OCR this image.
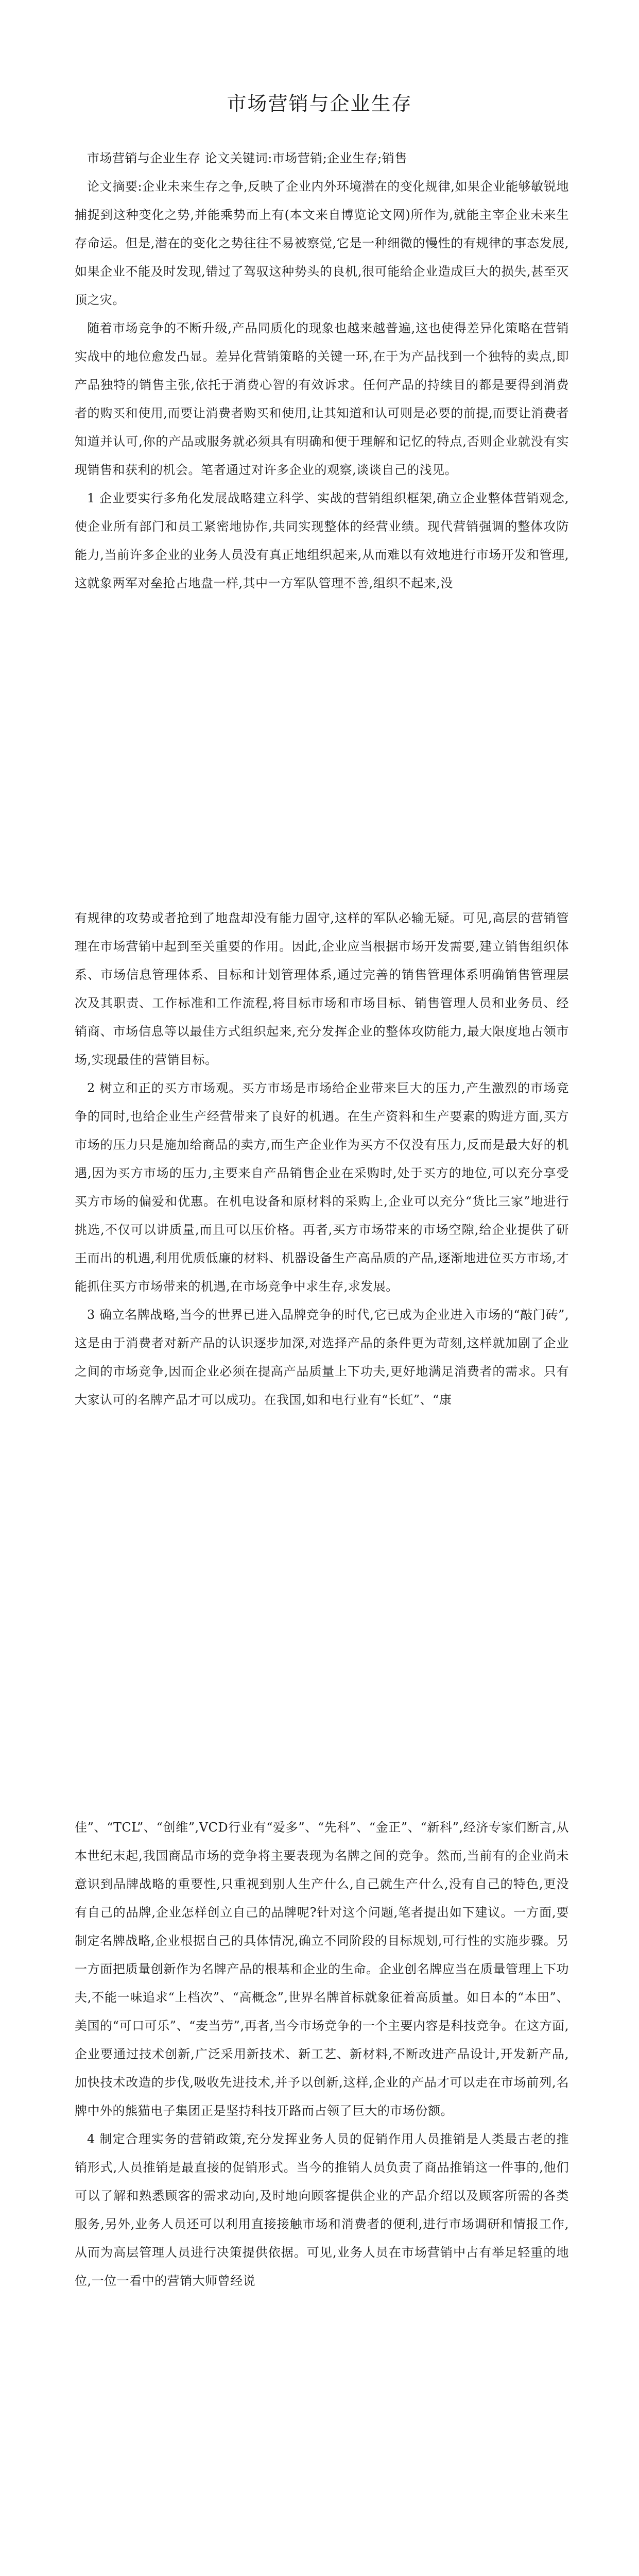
市场营销与企业生存

市场营销与企业生存 论文关键词:市场营销;企业生存;销售

论文摘要:企业未来生存之争,反映了企业内外环境潜在的变化规律,如果企业能够敏锐地捕捉到这种变化之势,并能乘势而上有(本文来自博览论文网)所作为,就能主宰企业未来生存命运。但是,潜在的变化之势往往不易被察觉,它是一种细微的慢性的有规律的事态发展,如果企业不能及时发现,错过了驾驭这种势头的良机,很可能给企业造成巨大的损失,甚至灭顶之灾。

随着市场竞争的不断升级,产品同质化的现象也越来越普遍,这也使得差异化策略在营销实战中的地位愈发凸显。差异化营销策略的关键一环,在于为产品找到一个独特的卖点,即产品独特的销售主张,依托于消费心智的有效诉求。任何产品的持续目的都是要得到消费者的购买和使用,而要让消费者购买和使用,让其知道和认可则是必要的前提,而要让消费者知道并认可,你的产品或服务就必须具有明确和便于理解和记忆的特点,否则企业就没有实现销售和获利的机会。笔者通过对许多企业的观察,谈谈自己的浅见。

1 企业要实行多角化发展战略建立科学、实战的营销组织框架,确立企业整体营销观念,使企业所有部门和员工紧密地协作,共同实现整体的经营业绩。现代营销强调的整体攻防能力,当前许多企业的业务人员没有真正地组织起来,从而难以有效地进行市场开发和管理,这就象两军对垒抢占地盘一样,其中一方军队管理不善,组织不起来,没

有规律的攻势或者抢到了地盘却没有能力固守,这样的军队必输无疑。可见,高层的营销管理在市场营销中起到至关重要的作用。因此,企业应当根据市场开发需要,建立销售组织体系、市场信息管理体系、目标和计划管理体系,通过完善的销售管理体系明确销售管理层次及其职责、工作标准和工作流程,将目标市场和市场目标、销售管理人员和业务员、经销商、市场信息等以最佳方式组织起来,充分发挥企业的整体攻防能力,最大限度地占领市场,实现最佳的营销目标。

2 树立和正的买方市场观。买方市场是市场给企业带来巨大的压力,产生激烈的市场竞争的同时,也给企业生产经营带来了良好的机遇。在生产资料和生产要素的购进方面,买方市场的压力只是施加给商品的卖方,而生产企业作为买方不仅没有压力,反而是最大好的机遇,因为买方市场的压力,主要来自产品销售企业在采购时,处于买方的地位,可以充分享受买方市场的偏爱和优惠。在机电设备和原材料的采购上,企业可以充分“货比三家”地进行挑选,不仅可以讲质量,而且可以压价格。再者,买方市场带来的市场空隙,给企业提供了研王而出的机遇,利用优质低廉的材料、机器设备生产高品质的产品,逐渐地进位买方市场,才能抓住买方市场带来的机遇,在市场竞争中求生存,求发展。

3 确立名牌战略,当今的世界已进入品牌竞争的时代,它已成为企业进入市场的“敲门砖”,这是由于消费者对新产品的认识逐步加深,对选择产品的条件更为苛刻,这样就加剧了企业之间的市场竞争,因而企业必须在提高产品质量上下功夫,更好地满足消费者的需求。只有大家认可的名牌产品才可以成功。在我国,如和电行业有“长虹”、“康

佳”、“TCL”、“创维”,VCD行业有“爱多”、“先科”、“金正”、“新科”,经济专家们断言,从本世纪末起,我国商品市场的竞争将主要表现为名牌之间的竞争。然而,当前有的企业尚未意识到品牌战略的重要性,只重视到别人生产什么,自己就生产什么,没有自己的特色,更没有自己的品牌,企业怎样创立自己的品牌呢?针对这个问题,笔者提出如下建议。一方面,要制定名牌战略,企业根据自己的具体情况,确立不同阶段的目标规划,可行性的实施步骤。另一方面把质量创新作为名牌产品的根基和企业的生命。企业创名牌应当在质量管理上下功夫,不能一味追求“上档次”、“高概念”,世界名牌首标就象征着高质量。如日本的“本田”、美国的“可口可乐”、“麦当劳”,再者,当今市场竞争的一个主要内容是科技竞争。在这方面,企业要通过技术创新,广泛采用新技术、新工艺、新材料,不断改进产品设计,开发新产品,加快技术改造的步伐,吸收先进技术,并予以创新,这样,企业的产品才可以走在市场前列,名牌中外的熊猫电子集团正是坚持科技开路而占领了巨大的市场份额。

4 制定合理实务的营销政策,充分发挥业务人员的促销作用人员推销是人类最古老的推销形式,人员推销是最直接的促销形式。当今的推销人员负责了商品推销这一件事的,他们可以了解和熟悉顾客的需求动向,及时地向顾客提供企业的产品介绍以及顾客所需的各类服务,另外,业务人员还可以利用直接接触市场和消费者的便利,进行市场调研和情报工作,从而为高层管理人员进行决策提供依据。可见,业务人员在市场营销中占有举足轻重的地位,一位一看中的营销大师曾经说
